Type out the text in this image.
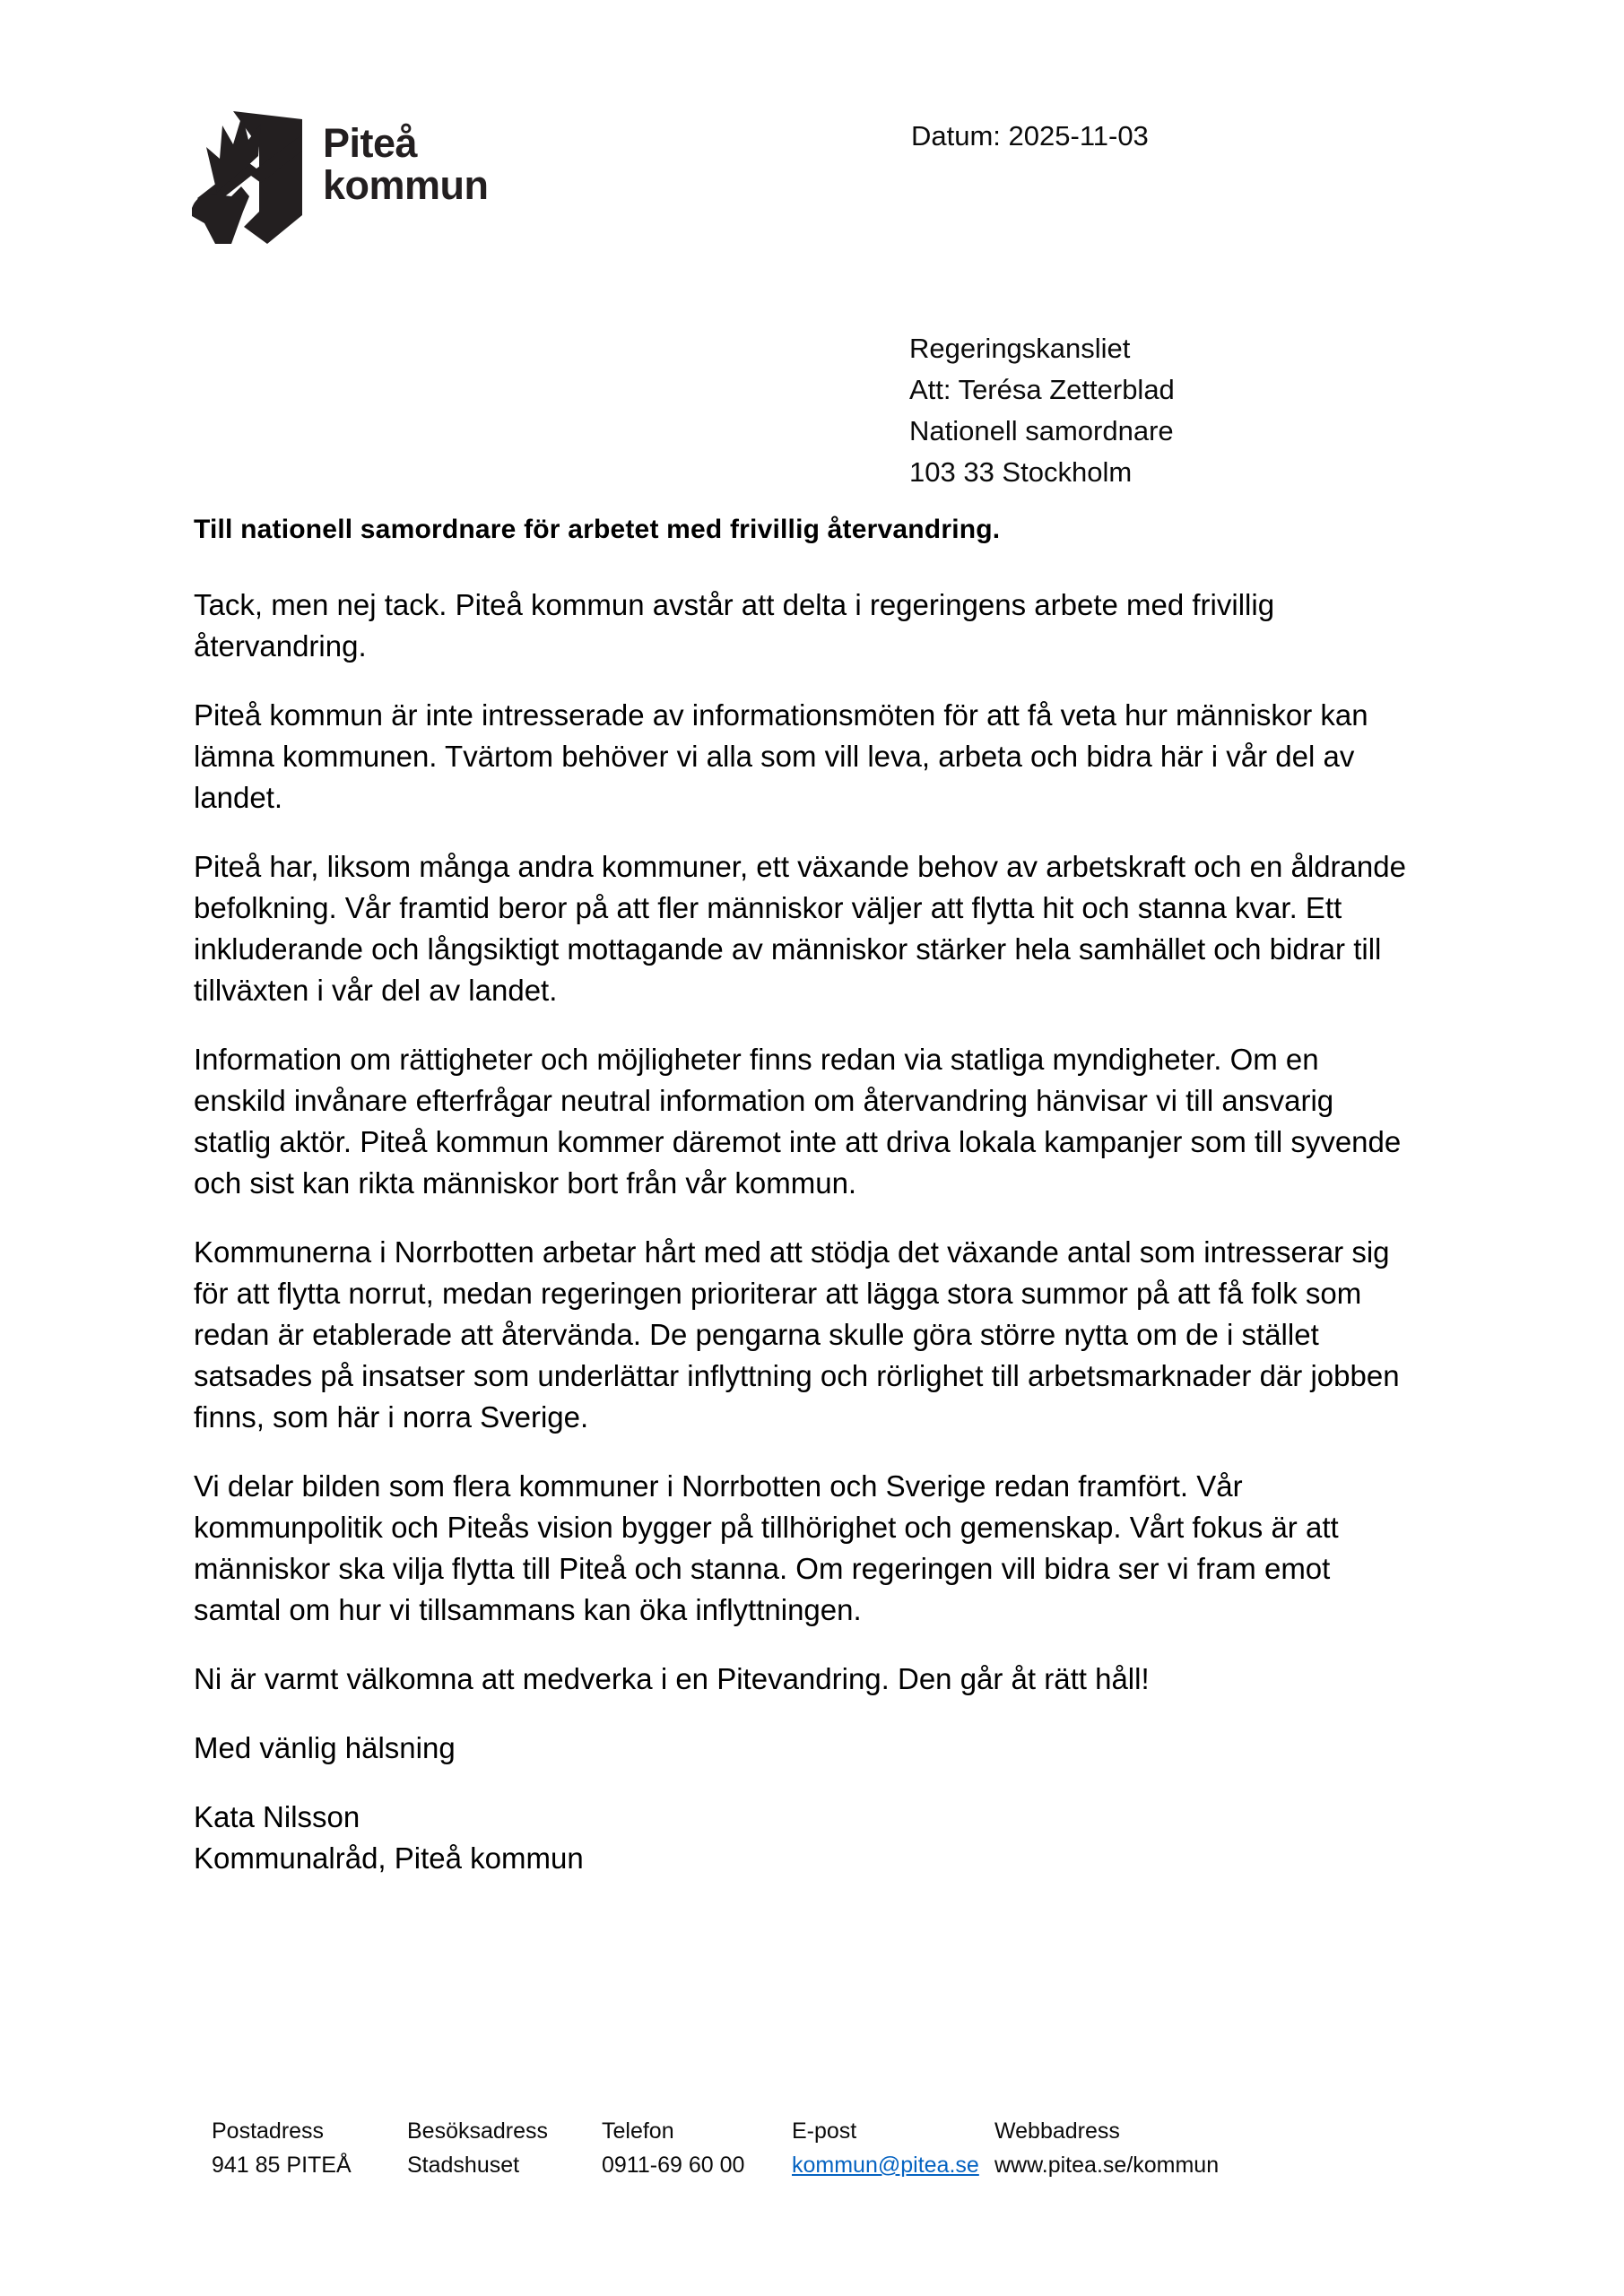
Piteå
kommun
Datum: 2025-11-03
Regeringskansliet
Att: Terésa Zetterblad
Nationell samordnare
103 33 Stockholm
Till nationell samordnare för arbetet med frivillig återvandring.

Tack, men nej tack. Piteå kommun avstår att delta i regeringens arbete med frivillig återvandring.

Piteå kommun är inte intresserade av informationsmöten för att få veta hur människor kan lämna kommunen. Tvärtom behöver vi alla som vill leva, arbeta och bidra här i vår del av landet.

Piteå har, liksom många andra kommuner, ett växande behov av arbetskraft och en åldrande befolkning. Vår framtid beror på att fler människor väljer att flytta hit och stanna kvar. Ett inkluderande och långsiktigt mottagande av människor stärker hela samhället och bidrar till tillväxten i vår del av landet.

Information om rättigheter och möjligheter finns redan via statliga myndigheter. Om en enskild invånare efterfrågar neutral information om återvandring hänvisar vi till ansvarig statlig aktör. Piteå kommun kommer däremot inte att driva lokala kampanjer som till syvende och sist kan rikta människor bort från vår kommun.

Kommunerna i Norrbotten arbetar hårt med att stödja det växande antal som intresserar sig för att flytta norrut, medan regeringen prioriterar att lägga stora summor på att få folk som redan är etablerade att återvända. De pengarna skulle göra större nytta om de i stället satsades på insatser som underlättar inflyttning och rörlighet till arbetsmarknader där jobben finns, som här i norra Sverige.

Vi delar bilden som flera kommuner i Norrbotten och Sverige redan framfört. Vår kommunpolitik och Piteås vision bygger på tillhörighet och gemenskap. Vårt fokus är att människor ska vilja flytta till Piteå och stanna. Om regeringen vill bidra ser vi fram emot samtal om hur vi tillsammans kan öka inflyttningen.

Ni är varmt välkomna att medverka i en Pitevandring. Den går åt rätt håll!

Med vänlig hälsning

Kata Nilsson
Kommunalråd, Piteå kommun
Postadress
941 85 PITEÅ
Besöksadress
Stadshuset
Telefon
0911-69 60 00
E-post
kommun@pitea.se
Webbadress
www.pitea.se/kommun
